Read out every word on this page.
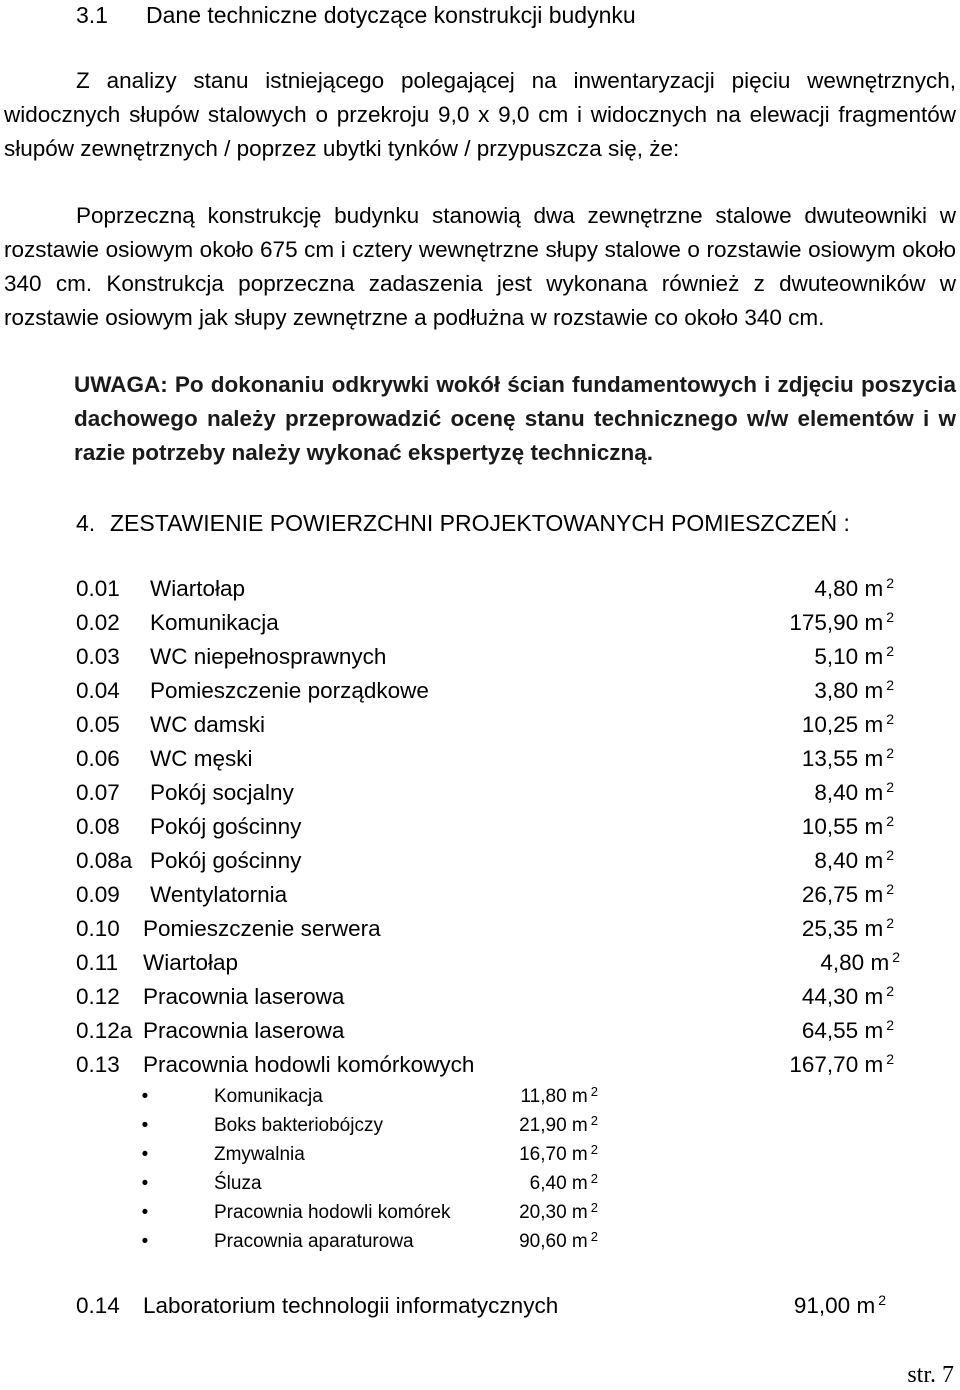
3.1 Dane techniczne dotyczące konstrukcji budynku

Z analizy stanu istniejącego polegającej na inwentaryzacji pięciu wewnętrznych, widocznych słupów stalowych o przekroju 9,0 x 9,0 cm i widocznych na elewacji fragmentów słupów zewnętrznych / poprzez ubytki tynków / przypuszcza się, że:

Poprzeczną konstrukcję budynku stanowią dwa zewnętrzne stalowe dwuteowniki w rozstawie osiowym około 675 cm i cztery wewnętrzne słupy stalowe o rozstawie osiowym około 340 cm. Konstrukcja poprzeczna zadaszenia jest wykonana również z dwuteowników w rozstawie osiowym jak słupy zewnętrzne a podłużna w rozstawie co około 340 cm.

UWAGA: Po dokonaniu odkrywki wokół ścian fundamentowych i zdjęciu poszycia dachowego należy przeprowadzić ocenę stanu technicznego w/w elementów i w razie potrzeby należy wykonać ekspertyzę techniczną.

4. ZESTAWIENIE POWIERZCHNI PROJEKTOWANYCH POMIESZCZEŃ :
0.01 Wiartołap	4,80 m $^2$
0.02 Komunikacja	175,90 m $^2$
0.03 WC niepełnosprawnych	5,10 m $^2$
0.04 Pomieszczenie porządkowe	3,80 m $^2$
0.05 WC damski	10,25 m $^2$
0.06 WC męski	13,55 m $^2$
0.07 Pokój socjalny	8,40 m $^2$
0.08 Pokój gościnny	10,55 m $^2$
0.08a Pokój gościnny	8,40 m $^2$
0.09 Wentylatornia	26,75 m $^2$
0.10 Pomieszczenie serwera	25,35 m $^2$
0.11 Wiartołap	4,80 m $^2$
0.12 Pracownia laserowa	44,30 m $^2$
0.12a Pracownia laserowa	64,55 m $^2$
0.13 Pracownia hodowli komórkowych	167,70 m $^2$
•	Komunikacja	11,80 m $^2$
•	Boks bakteriobójczy	21,90 m $^2$
•	Zmywalnia	16,70 m $^2$
•	Śluza	6,40 m $^2$
•	Pracownia hodowli komórek	20,30 m $^2$
•	Pracownia aparaturowa	90,60 m $^2$
0.14 Laboratorium technologii informatycznych	91,00 m $^2$
str. 7
